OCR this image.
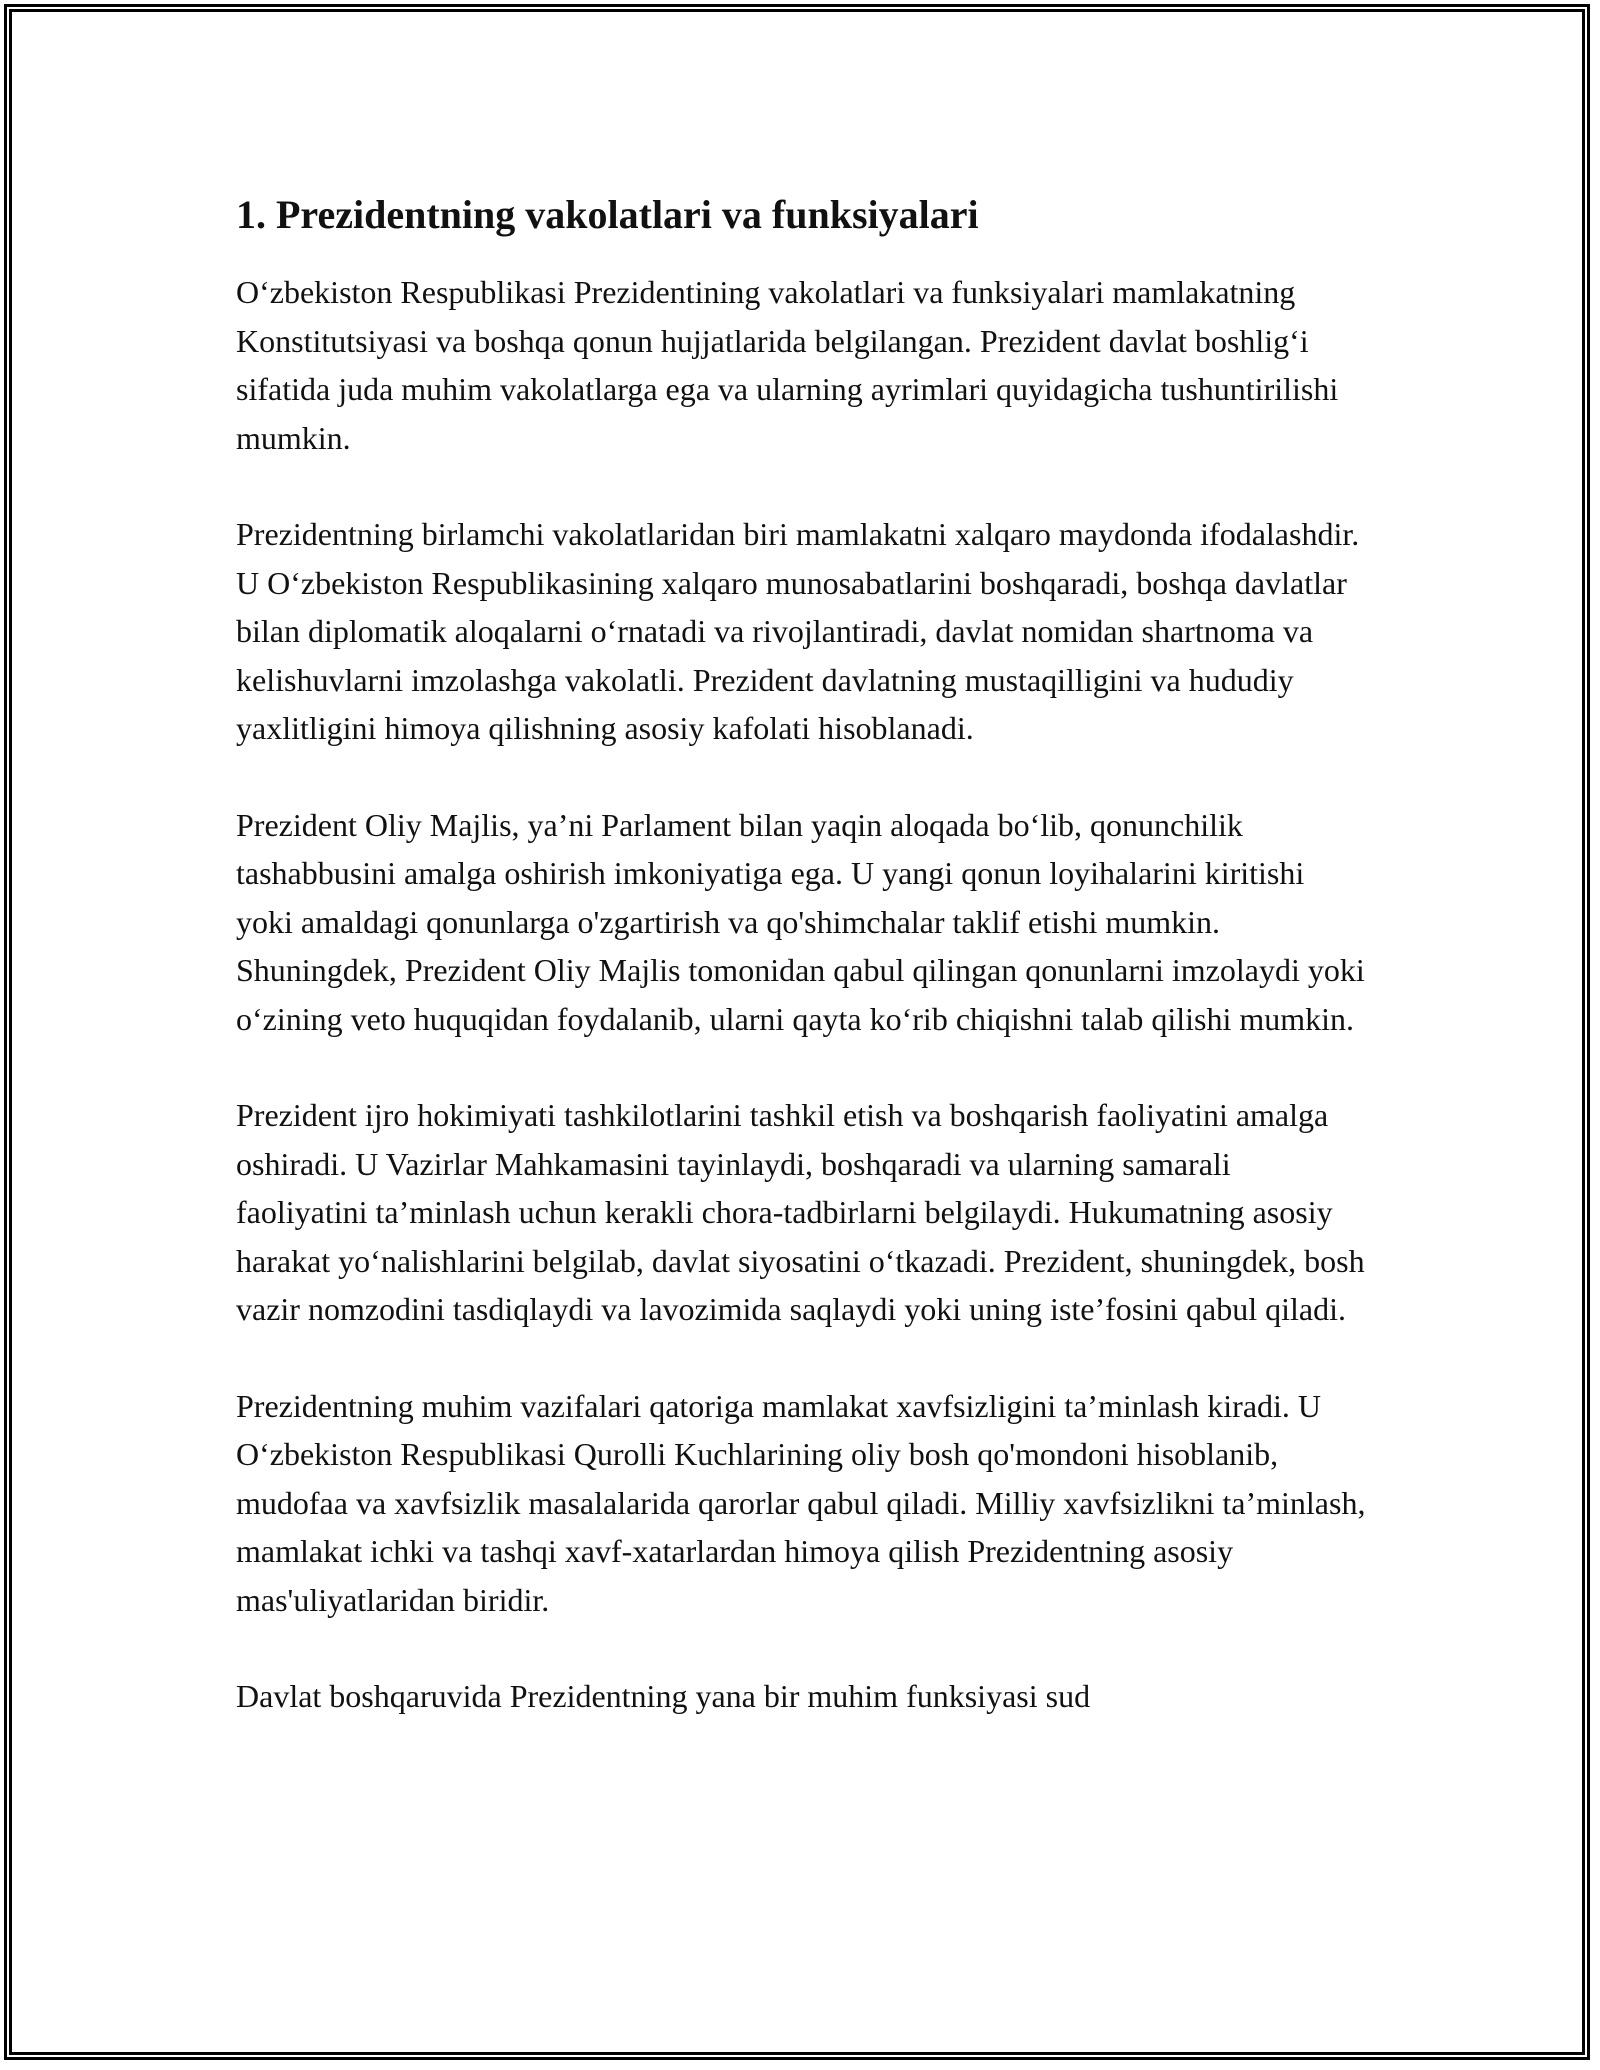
1. Prezidentning vakolatlari va funksiyalari

O‘zbekiston Respublikasi Prezidentining vakolatlari va funksiyalari mamlakatning Konstitutsiyasi va boshqa qonun hujjatlarida belgilangan. Prezident davlat boshlig‘i sifatida juda muhim vakolatlarga ega va ularning ayrimlari quyidagicha tushuntirilishi mumkin.

Prezidentning birlamchi vakolatlaridan biri mamlakatni xalqaro maydonda ifodalashdir. U O‘zbekiston Respublikasining xalqaro munosabatlarini boshqaradi, boshqa davlatlar bilan diplomatik aloqalarni o‘rnatadi va rivojlantiradi, davlat nomidan shartnoma va kelishuvlarni imzolashga vakolatli. Prezident davlatning mustaqilligini va hududiy yaxlitligini himoya qilishning asosiy kafolati hisoblanadi.

Prezident Oliy Majlis, ya’ni Parlament bilan yaqin aloqada bo‘lib, qonunchilik tashabbusini amalga oshirish imkoniyatiga ega. U yangi qonun loyihalarini kiritishi yoki amaldagi qonunlarga o'zgartirish va qo'shimchalar taklif etishi mumkin. Shuningdek, Prezident Oliy Majlis tomonidan qabul qilingan qonunlarni imzolaydi yoki o‘zining veto huquqidan foydalanib, ularni qayta ko‘rib chiqishni talab qilishi mumkin.

Prezident ijro hokimiyati tashkilotlarini tashkil etish va boshqarish faoliyatini amalga oshiradi. U Vazirlar Mahkamasini tayinlaydi, boshqaradi va ularning samarali faoliyatini ta’minlash uchun kerakli chora-tadbirlarni belgilaydi. Hukumatning asosiy harakat yo‘nalishlarini belgilab, davlat siyosatini o‘tkazadi. Prezident, shuningdek, bosh vazir nomzodini tasdiqlaydi va lavozimida saqlaydi yoki uning iste’fosini qabul qiladi.

Prezidentning muhim vazifalari qatoriga mamlakat xavfsizligini ta’minlash kiradi. U O‘zbekiston Respublikasi Qurolli Kuchlarining oliy bosh qo'mondoni hisoblanib, mudofaa va xavfsizlik masalalarida qarorlar qabul qiladi. Milliy xavfsizlikni ta’minlash, mamlakat ichki va tashqi xavf-xatarlardan himoya qilish Prezidentning asosiy mas'uliyatlaridan biridir.

Davlat boshqaruvida Prezidentning yana bir muhim funksiyasi sud
